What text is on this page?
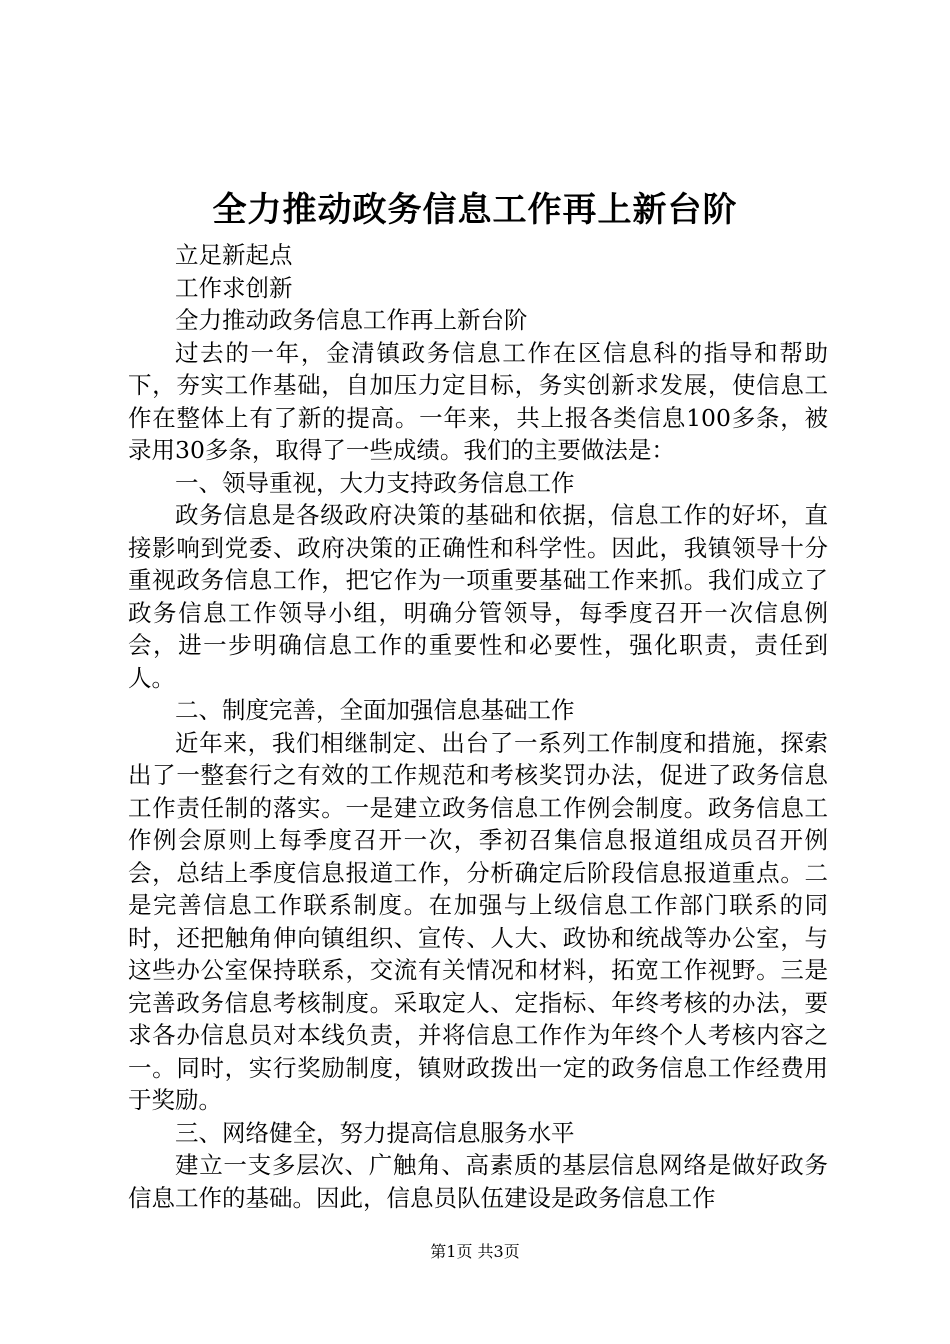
全力推动政务信息工作再上新台阶

立足新起点

工作求创新

全力推动政务信息工作再上新台阶

过去的一年，金清镇政务信息工作在区信息科的指导和帮助下，夯实工作基础，自加压力定目标，务实创新求发展，使信息工作在整体上有了新的提高。一年来，共上报各类信息100多条，被录用30多条，取得了一些成绩。我们的主要做法是：

一、领导重视，大力支持政务信息工作

政务信息是各级政府决策的基础和依据，信息工作的好坏，直接影响到党委、政府决策的正确性和科学性。因此，我镇领导十分重视政务信息工作，把它作为一项重要基础工作来抓。我们成立了政务信息工作领导小组，明确分管领导，每季度召开一次信息例会，进一步明确信息工作的重要性和必要性，强化职责，责任到人。

二、制度完善，全面加强信息基础工作

近年来，我们相继制定、出台了一系列工作制度和措施，探索出了一整套行之有效的工作规范和考核奖罚办法，促进了政务信息工作责任制的落实。一是建立政务信息工作例会制度。政务信息工作例会原则上每季度召开一次，季初召集信息报道组成员召开例会，总结上季度信息报道工作，分析确定后阶段信息报道重点。二是完善信息工作联系制度。在加强与上级信息工作部门联系的同时，还把触角伸向镇组织、宣传、人大、政协和统战等办公室，与这些办公室保持联系，交流有关情况和材料，拓宽工作视野。三是完善政务信息考核制度。采取定人、定指标、年终考核的办法，要求各办信息员对本线负责，并将信息工作作为年终个人考核内容之一。同时，实行奖励制度，镇财政拨出一定的政务信息工作经费用于奖励。

三、网络健全，努力提高信息服务水平

建立一支多层次、广触角、高素质的基层信息网络是做好政务信息工作的基础。因此，信息员队伍建设是政务信息工作

第1页 共3页
